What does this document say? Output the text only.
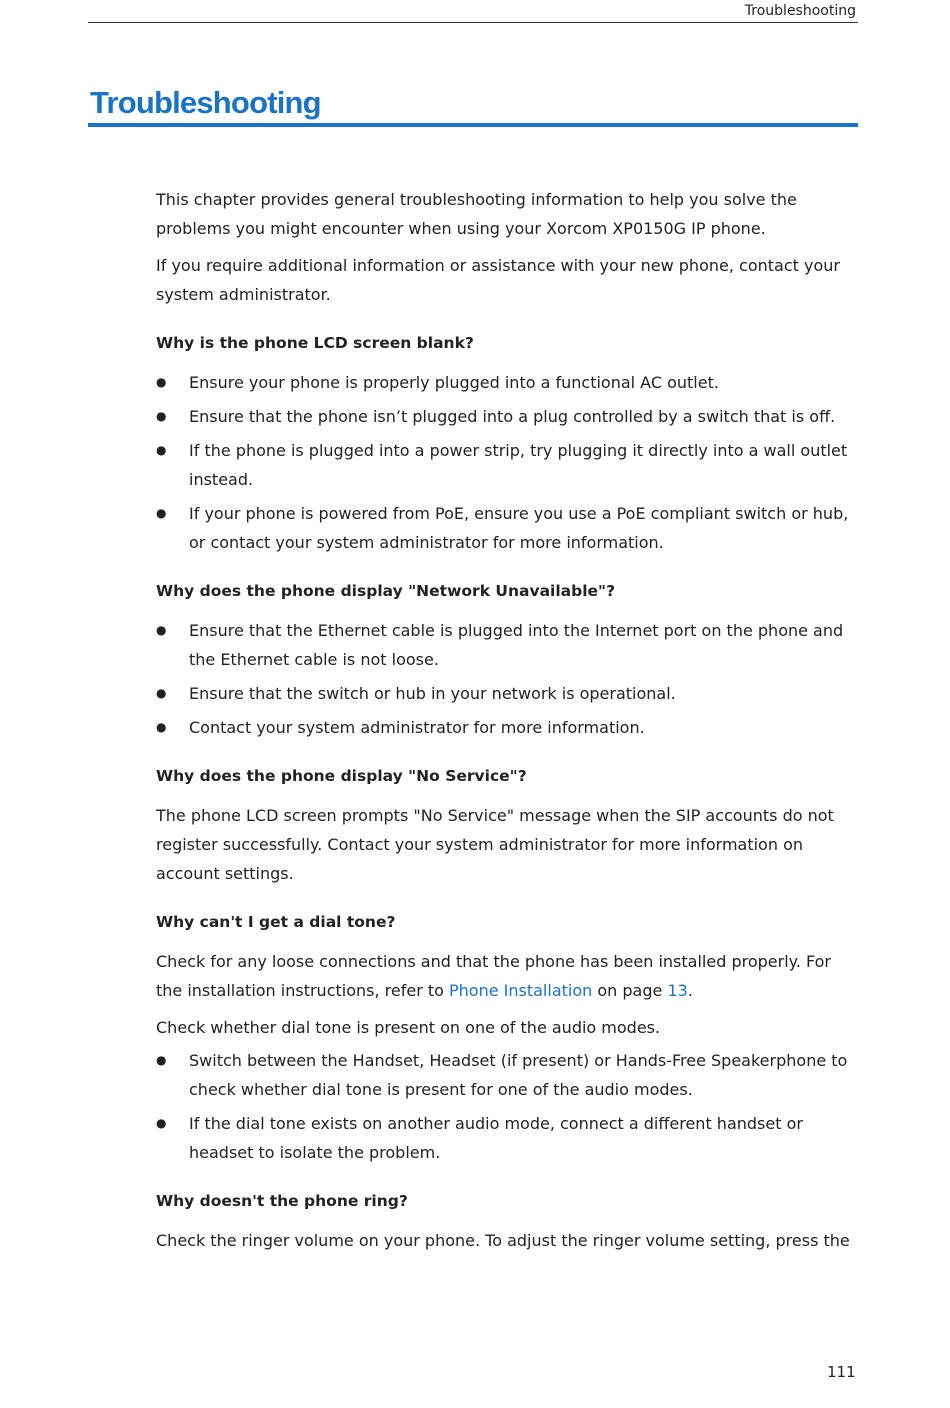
Troubleshooting
Troubleshooting

This chapter provides general troubleshooting information to help you solve the problems you might encounter when using your Xorcom XP0150G IP phone.

If you require additional information or assistance with your new phone, contact your system administrator.

Why is the phone LCD screen blank?
● Ensure your phone is properly plugged into a functional AC outlet.
● Ensure that the phone isn’t plugged into a plug controlled by a switch that is off.
● If the phone is plugged into a power strip, try plugging it directly into a wall outlet instead.
● If your phone is powered from PoE, ensure you use a PoE compliant switch or hub, or contact your system administrator for more information.
Why does the phone display "Network Unavailable"?
● Ensure that the Ethernet cable is plugged into the Internet port on the phone and the Ethernet cable is not loose.
● Ensure that the switch or hub in your network is operational.
● Contact your system administrator for more information.
Why does the phone display "No Service"?

The phone LCD screen prompts "No Service" message when the SIP accounts do not register successfully. Contact your system administrator for more information on account settings.

Why can't I get a dial tone?

Check for any loose connections and that the phone has been installed properly. For the installation instructions, refer to Phone Installation on page 13.

Check whether dial tone is present on one of the audio modes.

● Switch between the Handset, Headset (if present) or Hands-Free Speakerphone to check whether dial tone is present for one of the audio modes.
● If the dial tone exists on another audio mode, connect a different handset or headset to isolate the problem.
Why doesn't the phone ring?

Check the ringer volume on your phone. To adjust the ringer volume setting, press the

111
